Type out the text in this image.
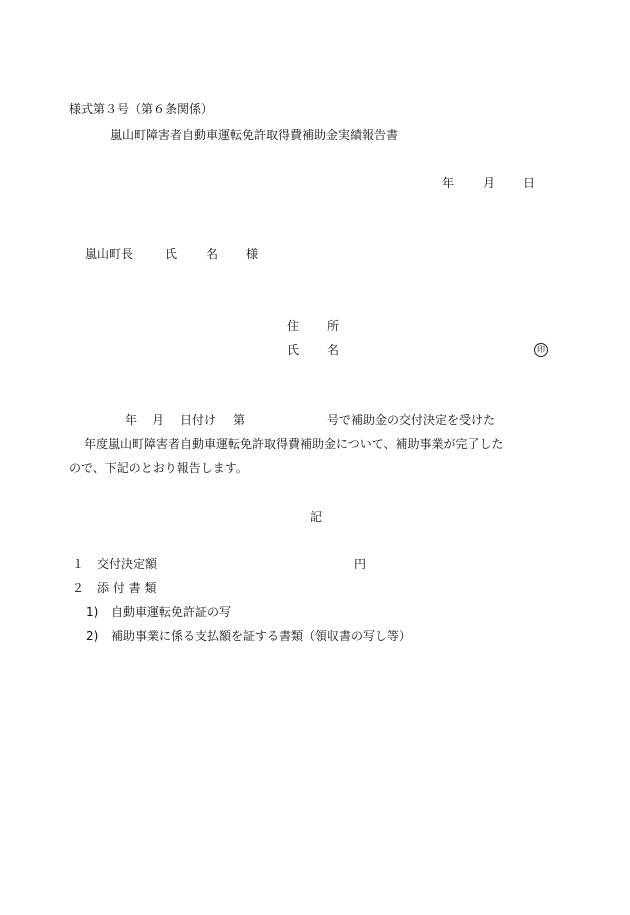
様式第３号（第６条関係）
嵐山町障害者自動車運転免許取得費補助金実績報告書
年 月 日
嵐山町長	氏 名 様
住 所
氏 名	印
年 月 日付け 第	号で補助金の交付決定を受けた
年度嵐山町障害者自動車運転免許取得費補助金について、補助事業が完了した
ので、下記のとおり報告します。
記
１ 交付決定額	円
２ 添 付 書 類
1) 自動車運転免許証の写
2) 補助事業に係る支払額を証する書類（領収書の写し等）
